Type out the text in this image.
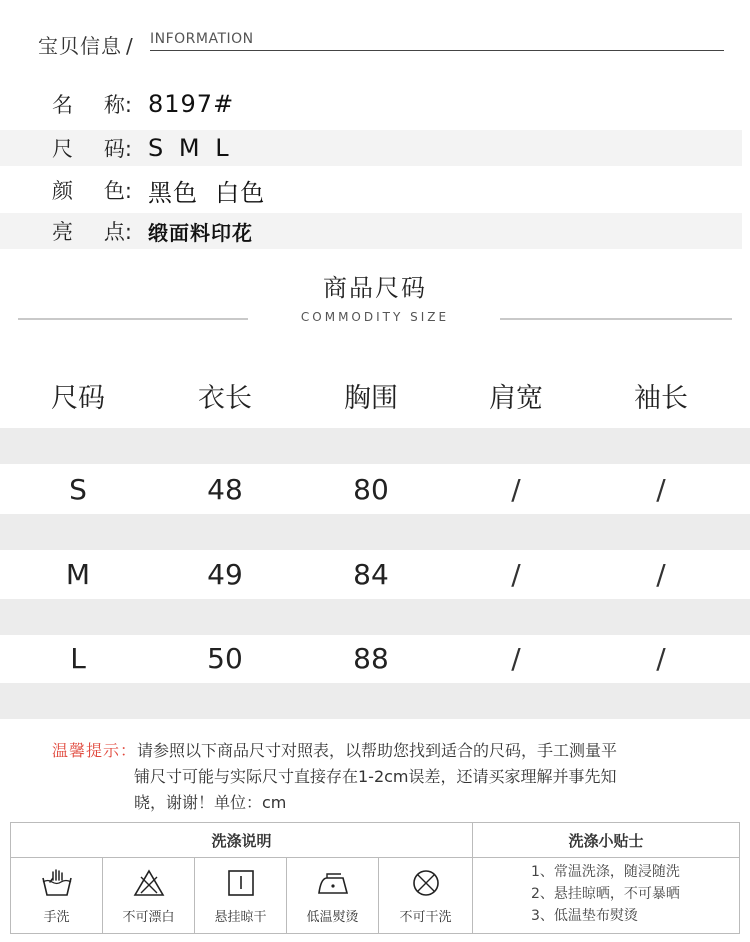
宝贝信息 / INFORMATION
名 称: 8197#
尺 码: S M L
颜 色: 黑色  白色
亮 点: 缎面料印花
商品尺码
COMMODITY SIZE
尺码	衣长	胸围	肩宽	袖长
S	48	80	/	/
M	49	84	/	/
L	50	88	/	/
温馨提示：请参照以下商品尺寸对照表，以帮助您找到适合的尺码，手工测量平
铺尺寸可能与实际尺寸直接存在1-2cm误差，还请买家理解并事先知
晓，谢谢！单位：cm
洗涤说明
手洗	不可漂白	悬挂晾干	低温熨烫	不可干洗
洗涤小贴士
1、常温洗涤，随浸随洗
2、悬挂晾晒，不可暴晒
3、低温垫布熨烫
